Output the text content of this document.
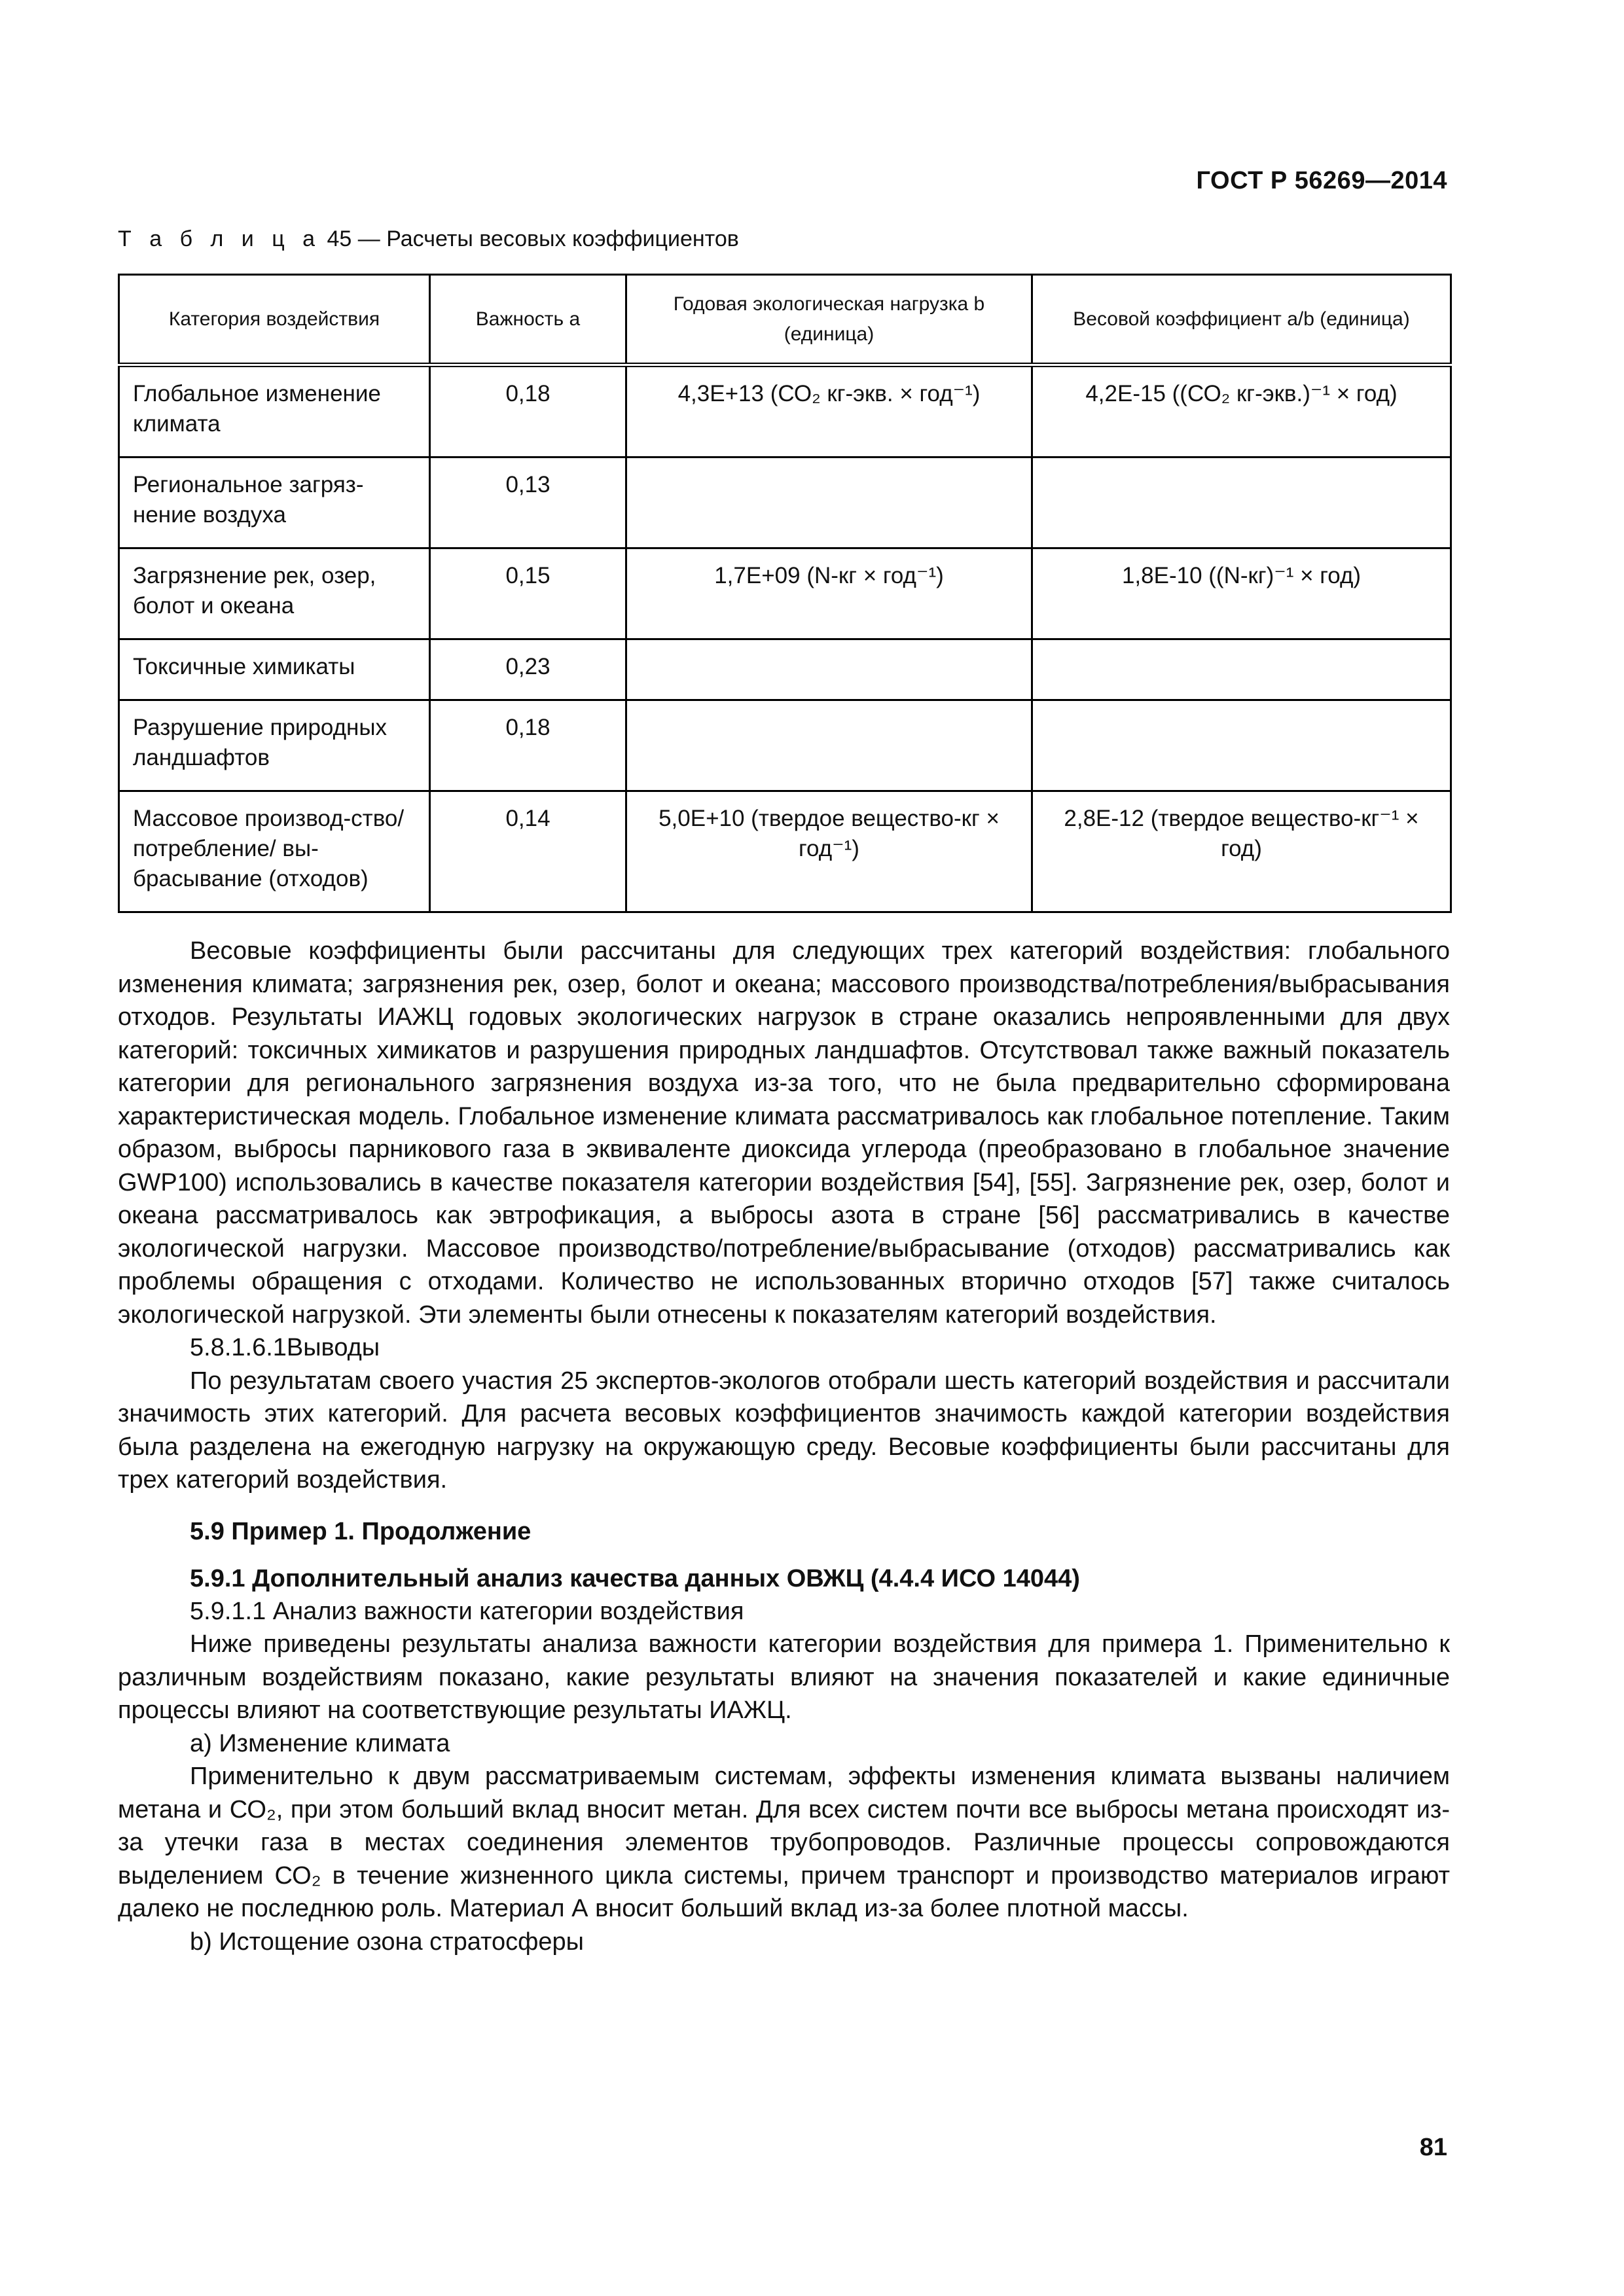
ГОСТ Р 56269—2014
Т а б л и ц а 45 — Расчеты весовых коэффициентов
Категория воздействия	Важность а	Годовая экологическая нагрузка b (единица)	Весовой коэффициент а/b (единица)
Глобальное изменение климата	0,18	4,3Е+13 (СО₂ кг-экв. × год⁻¹)	4,2Е-15 ((СО₂ кг-экв.)⁻¹ × год)
Региональное загряз-нение воздуха	0,13		
Загрязнение рек, озер, болот и океана	0,15	1,7Е+09 (N-кг × год⁻¹)	1,8Е-10 ((N-кг)⁻¹ × год)
Токсичные химикаты	0,23		
Разрушение природных ландшафтов	0,18		
Массовое производ-ство/ потребление/ вы-брасывание (отходов)	0,14	5,0Е+10 (твердое вещество-кг × год⁻¹)	2,8Е-12 (твердое вещество-кг⁻¹ × год)

Весовые коэффициенты были рассчитаны для следующих трех категорий воздействия: глобального изменения климата; загрязнения рек, озер, болот и океана; массового производства/потребления/выбрасывания отходов. Результаты ИАЖЦ годовых экологических нагрузок в стране оказались непроявленными для двух категорий: токсичных химикатов и разрушения природных ландшафтов. Отсутствовал также важный показатель категории для регионального загрязнения воздуха из-за того, что не была предварительно сформирована характеристическая модель. Глобальное изменение климата рассматривалось как глобальное потепление. Таким образом, выбросы парникового газа в эквиваленте диоксида углерода (преобразовано в глобальное значение GWP100) использовались в качестве показателя категории воздействия [54], [55]. Загрязнение рек, озер, болот и океана рассматривалось как эвтрофикация, а выбросы азота в стране [56] рассматривались в качестве экологической нагрузки. Массовое производство/потребление/выбрасывание (отходов) рассматривались как проблемы обращения с отходами. Количество не использованных вторично отходов [57] также считалось экологической нагрузкой. Эти элементы были отнесены к показателям категорий воздействия.

5.8.1.6.1Выводы

По результатам своего участия 25 экспертов-экологов отобрали шесть категорий воздействия и рассчитали значимость этих категорий. Для расчета весовых коэффициентов значимость каждой категории воздействия была разделена на ежегодную нагрузку на окружающую среду. Весовые коэффициенты были рассчитаны для трех категорий воздействия.

5.9 Пример 1. Продолжение
5.9.1 Дополнительный анализ качества данных ОВЖЦ (4.4.4 ИСО 14044)

5.9.1.1 Анализ важности категории воздействия

Ниже приведены результаты анализа важности категории воздействия для примера 1. Применительно к различным воздействиям показано, какие результаты влияют на значения показателей и какие единичные процессы влияют на соответствующие результаты ИАЖЦ.

а) Изменение климата

Применительно к двум рассматриваемым системам, эффекты изменения климата вызваны наличием метана и СО₂, при этом больший вклад вносит метан. Для всех систем почти все выбросы метана происходят из-за утечки газа в местах соединения элементов трубопроводов. Различные процессы сопровождаются выделением СО₂ в течение жизненного цикла системы, причем транспорт и производство материалов играют далеко не последнюю роль. Материал А вносит больший вклад из-за более плотной массы.

b) Истощение озона стратосферы

81
